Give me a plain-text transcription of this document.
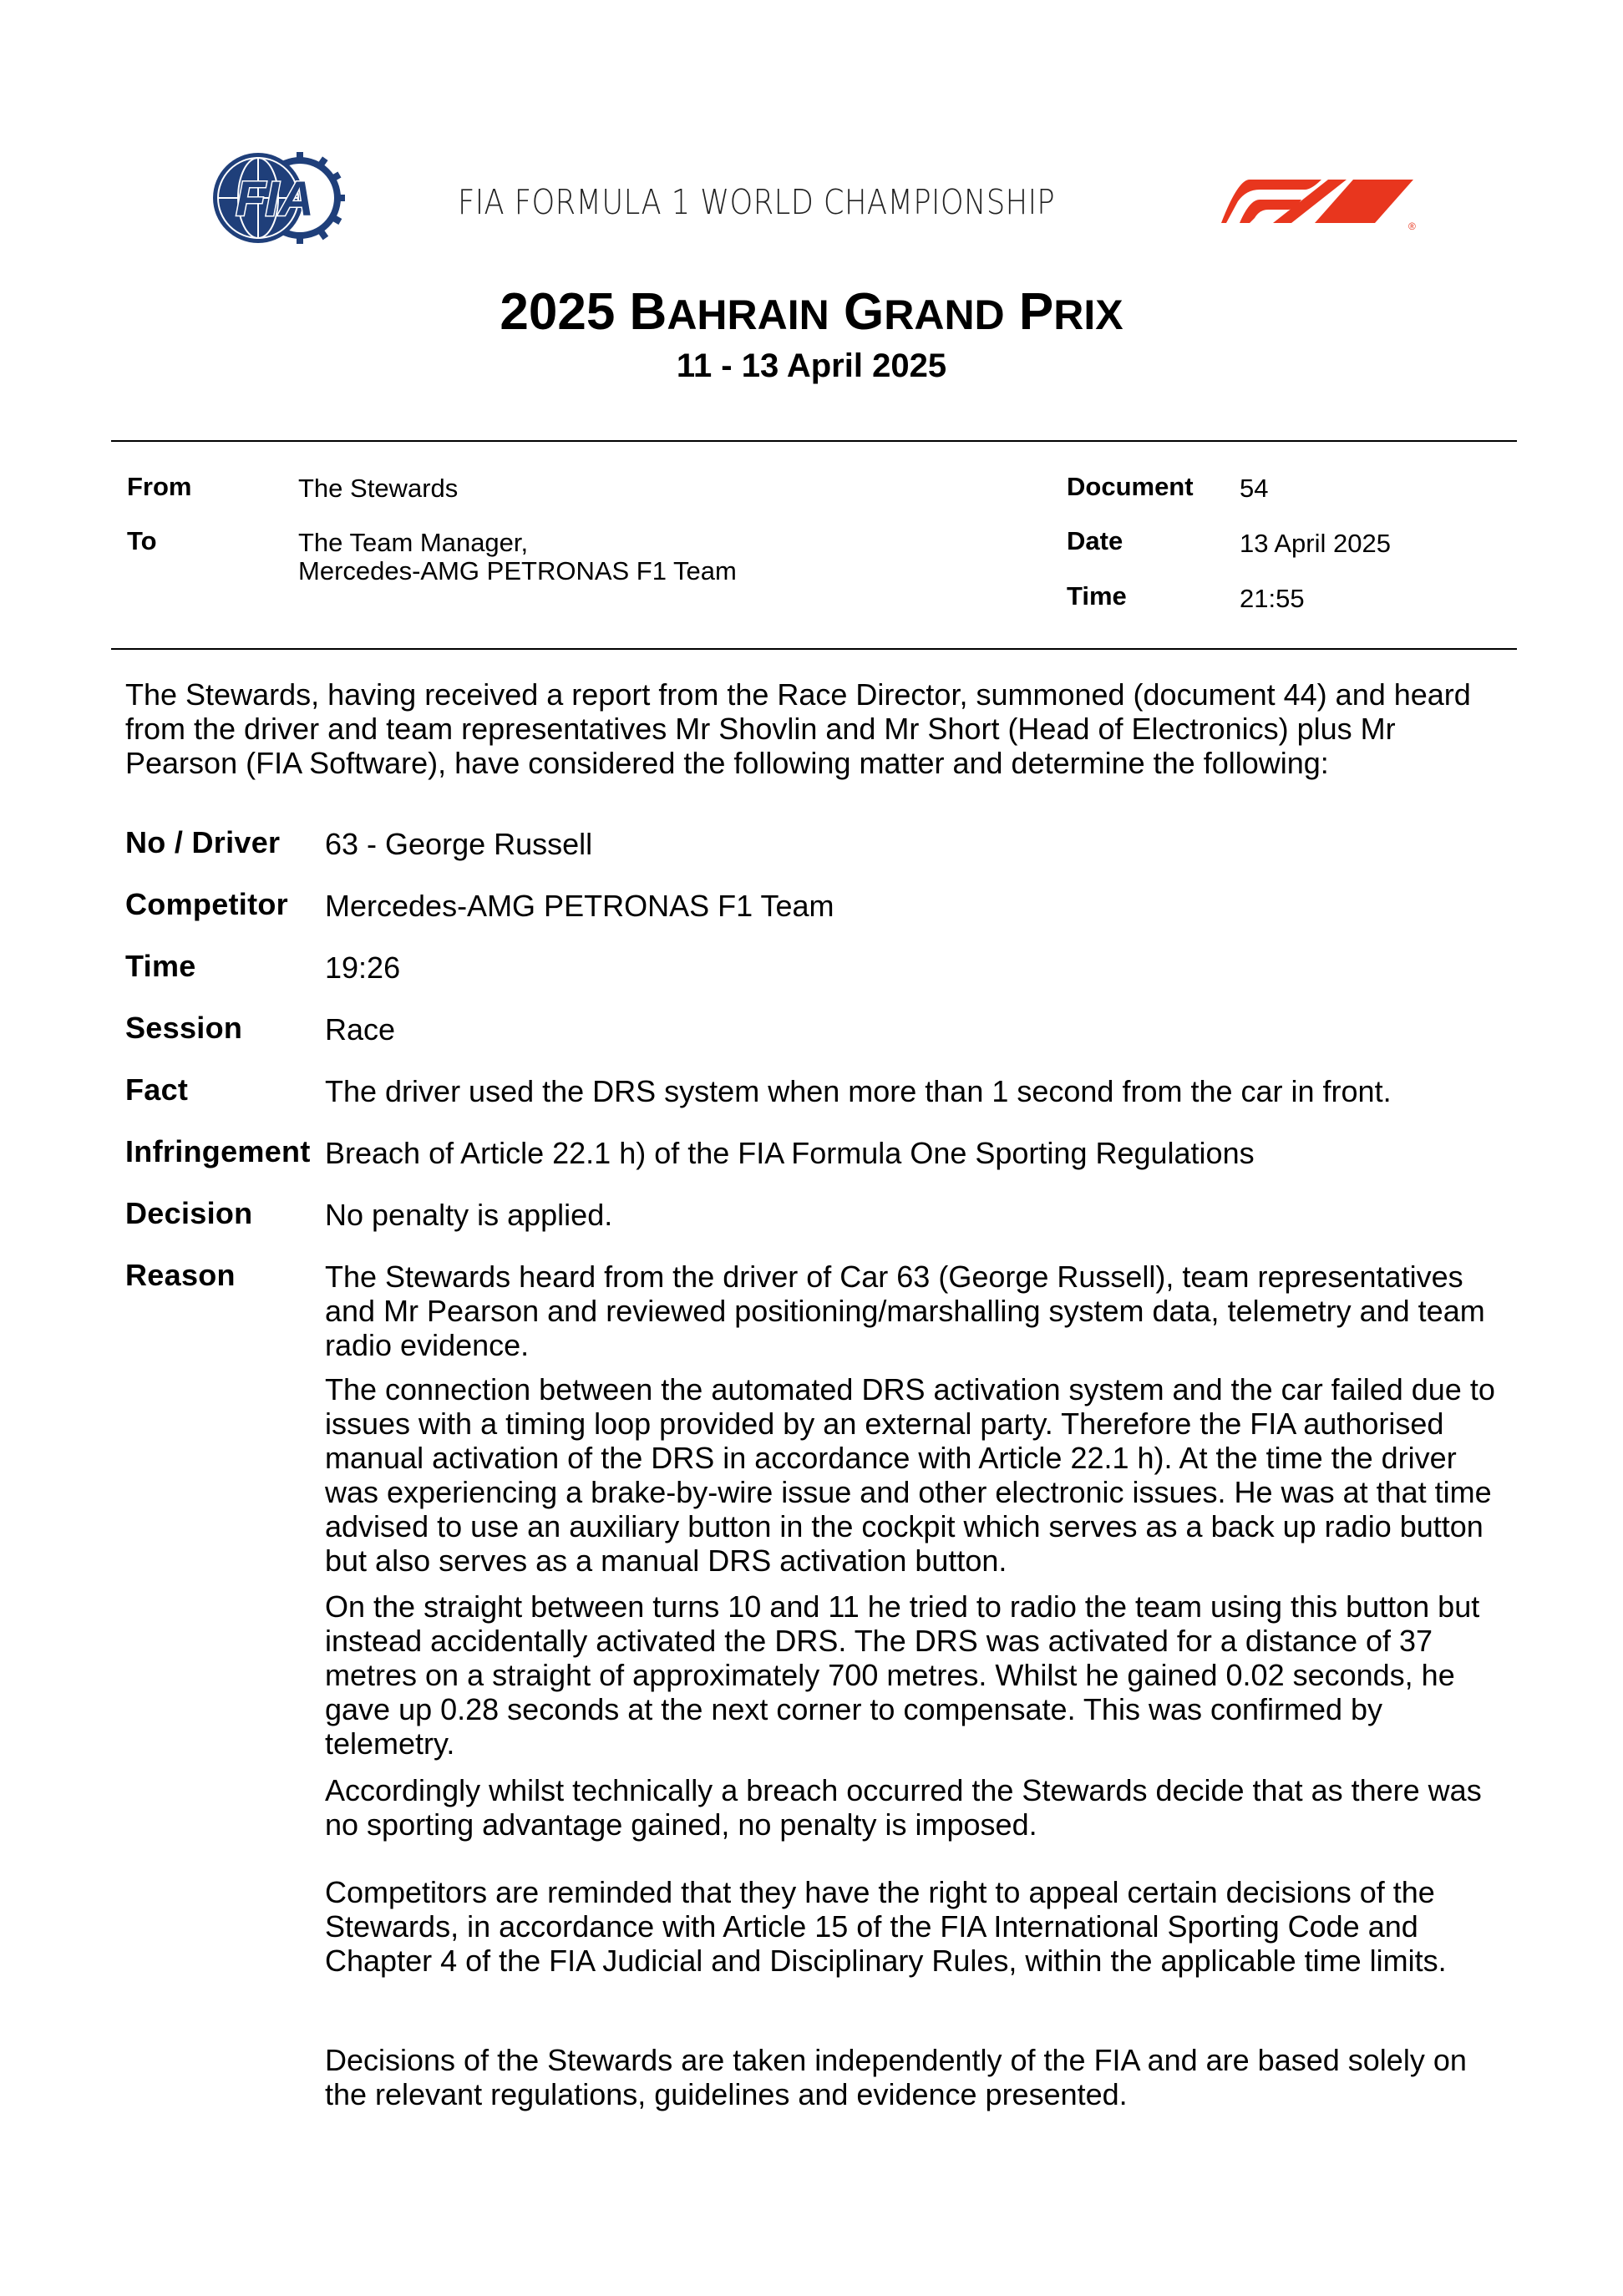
FIA	FIA FORMULA 1 WORLD CHAMPIONSHIP
®
2025 BAHRAIN GRAND PRIX
11 - 13 April 2025
From	The Stewards
To	The Team Manager,
Mercedes-AMG PETRONAS F1 Team
Document 54
Date	13 April 2025
Time	21:55
The Stewards, having received a report from the Race Director, summoned (document 44) and heard from the driver and team representatives Mr Shovlin and Mr Short (Head of Electronics) plus Mr Pearson (FIA Software), have considered the following matter and determine the following:
No / Driver 63 - George Russell
Competitor Mercedes-AMG PETRONAS F1 Team
Time	19:26
Session	Race
Fact	The driver used the DRS system when more than 1 second from the car in front.
Infringement Breach of Article 22.1 h) of the FIA Formula One Sporting Regulations
Decision No penalty is applied.
Reason	The Stewards heard from the driver of Car 63 (George Russell), team representatives and Mr Pearson and reviewed positioning/marshalling system data, telemetry and team radio evidence.

The connection between the automated DRS activation system and the car failed due to issues with a timing loop provided by an external party. Therefore the FIA authorised manual activation of the DRS in accordance with Article 22.1 h). At the time the driver was experiencing a brake-by-wire issue and other electronic issues. He was at that time advised to use an auxiliary button in the cockpit which serves as a back up radio button but also serves as a manual DRS activation button.

On the straight between turns 10 and 11 he tried to radio the team using this button but instead accidentally activated the DRS. The DRS was activated for a distance of 37 metres on a straight of approximately 700 metres. Whilst he gained 0.02 seconds, he gave up 0.28 seconds at the next corner to compensate. This was confirmed by telemetry.

Accordingly whilst technically a breach occurred the Stewards decide that as there was no sporting advantage gained, no penalty is imposed.

Competitors are reminded that they have the right to appeal certain decisions of the Stewards, in accordance with Article 15 of the FIA International Sporting Code and Chapter 4 of the FIA Judicial and Disciplinary Rules, within the applicable time limits.

Decisions of the Stewards are taken independently of the FIA and are based solely on the relevant regulations, guidelines and evidence presented.
